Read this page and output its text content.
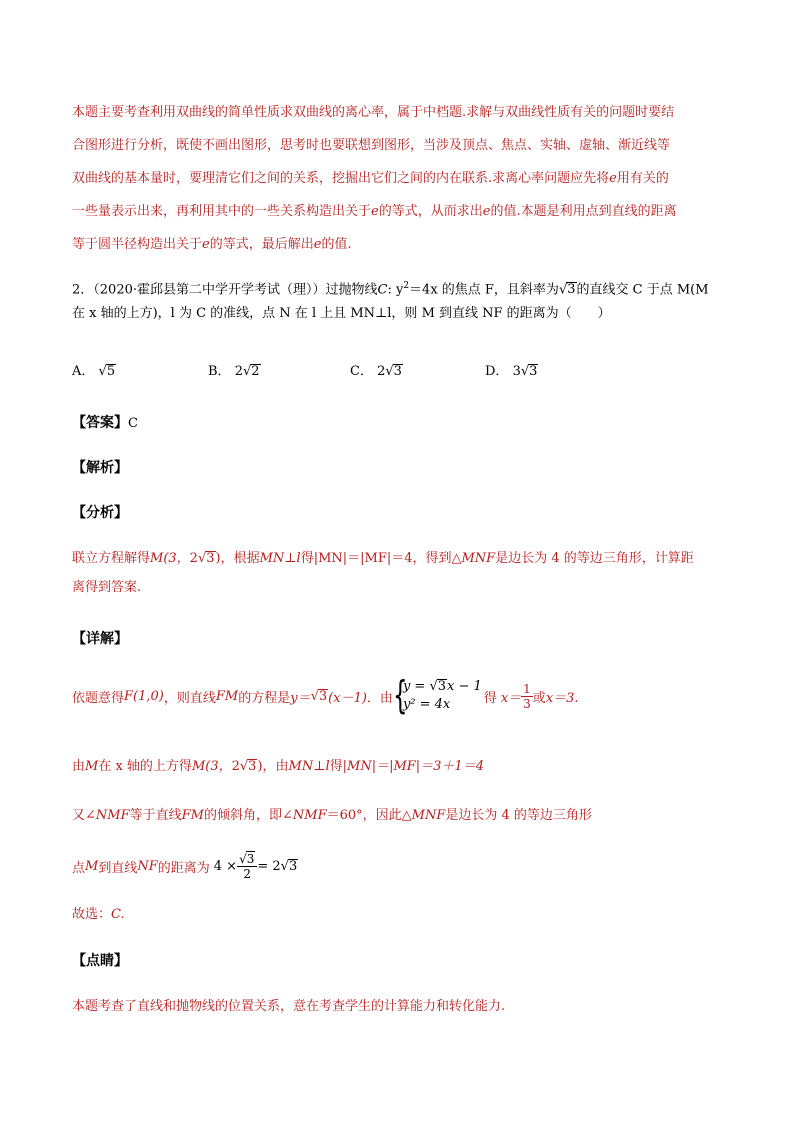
本题主要考查利用双曲线的简单性质求双曲线的离心率，属于中档题.求解与双曲线性质有关的问题时要结
合图形进行分析，既使不画出图形，思考时也要联想到图形，当涉及顶点、焦点、实轴、虚轴、渐近线等
双曲线的基本量时，要理清它们之间的关系，挖掘出它们之间的内在联系.求离心率问题应先将e用有关的
一些量表示出来，再利用其中的一些关系构造出关于e的等式，从而求出e的值.本题是利用点到直线的距离
等于圆半径构造出关于e的等式，最后解出e的值.
2．（2020·霍邱县第二中学开学考试（理））过抛物线C: $y^2=4x$ 的焦点 F，且斜率为√3的直线交 C 于点 M(M
在 x 轴的上方)，l 为 C 的准线，点 N 在 l 上且 MN⊥l，则 M 到直线 NF 的距离为（　　）
A． √5	B． 2√2	C． 2√3	D． 3√3
【答案】C
【解析】
【分析】
联立方程解得M(3，2√3)，根据MN⊥l得|MN|＝|MF|＝4，得到△MNF是边长为 4 的等边三角形，计算距
离得到答案.
【详解】
依题意得 F(1,0) ，则直线 FM 的方程是 y＝ √ 3 (x－1) ．由 {
y = √3x − 1
y² = 4x	得 $x= \frac{1}{3}$ 或 x＝3.
由M在 x 轴的上方得M(3，2√3)，由MN⊥l得|MN|＝|MF|＝3＋1＝4
又∠NMF等于直线FM的倾斜角，即∠NMF＝60°，因此△MNF是边长为 4 的等边三角形
点 M 到直线 NF 的距离为 $4 \times \frac{√3}{2} = 2$ √ 3
故选：C.
【点睛】
本题考查了直线和抛物线的位置关系，意在考查学生的计算能力和转化能力.
